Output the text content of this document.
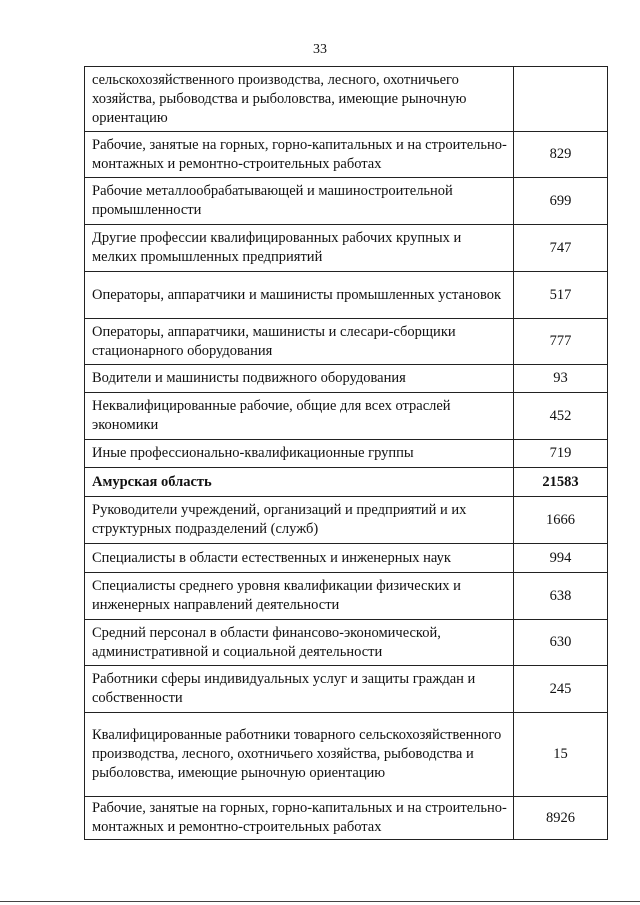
33
сельскохозяйственного производства, лесного, охотничьего хозяйства, рыбоводства и рыболовства, имеющие рыночную ориентацию	
Рабочие, занятые на горных, горно-капитальных и на строительно-монтажных и ремонтно-строительных работах	829
Рабочие металлообрабатывающей и машиностроительной промышленности	699
Другие профессии квалифицированных рабочих крупных и мелких промышленных предприятий	747
Операторы, аппаратчики и машинисты промышленных установок	517
Операторы, аппаратчики, машинисты и слесари-сборщики стационарного оборудования	777
Водители и машинисты подвижного оборудования	93
Неквалифицированные рабочие, общие для всех отраслей экономики	452
Иные профессионально-квалификационные группы	719
Амурская область	21583
Руководители учреждений, организаций и предприятий и их структурных подразделений (служб)	1666
Специалисты в области естественных и инженерных наук	994
Специалисты среднего уровня квалификации физических и инженерных направлений деятельности	638
Средний персонал в области финансово-экономической, административной и социальной деятельности	630
Работники сферы индивидуальных услуг и защиты граждан и собственности	245
Квалифицированные работники товарного сельскохозяйственного производства, лесного, охотничьего хозяйства, рыбоводства и рыболовства, имеющие рыночную ориентацию	15
Рабочие, занятые на горных, горно-капитальных и на строительно-монтажных и ремонтно-строительных работах	8926
